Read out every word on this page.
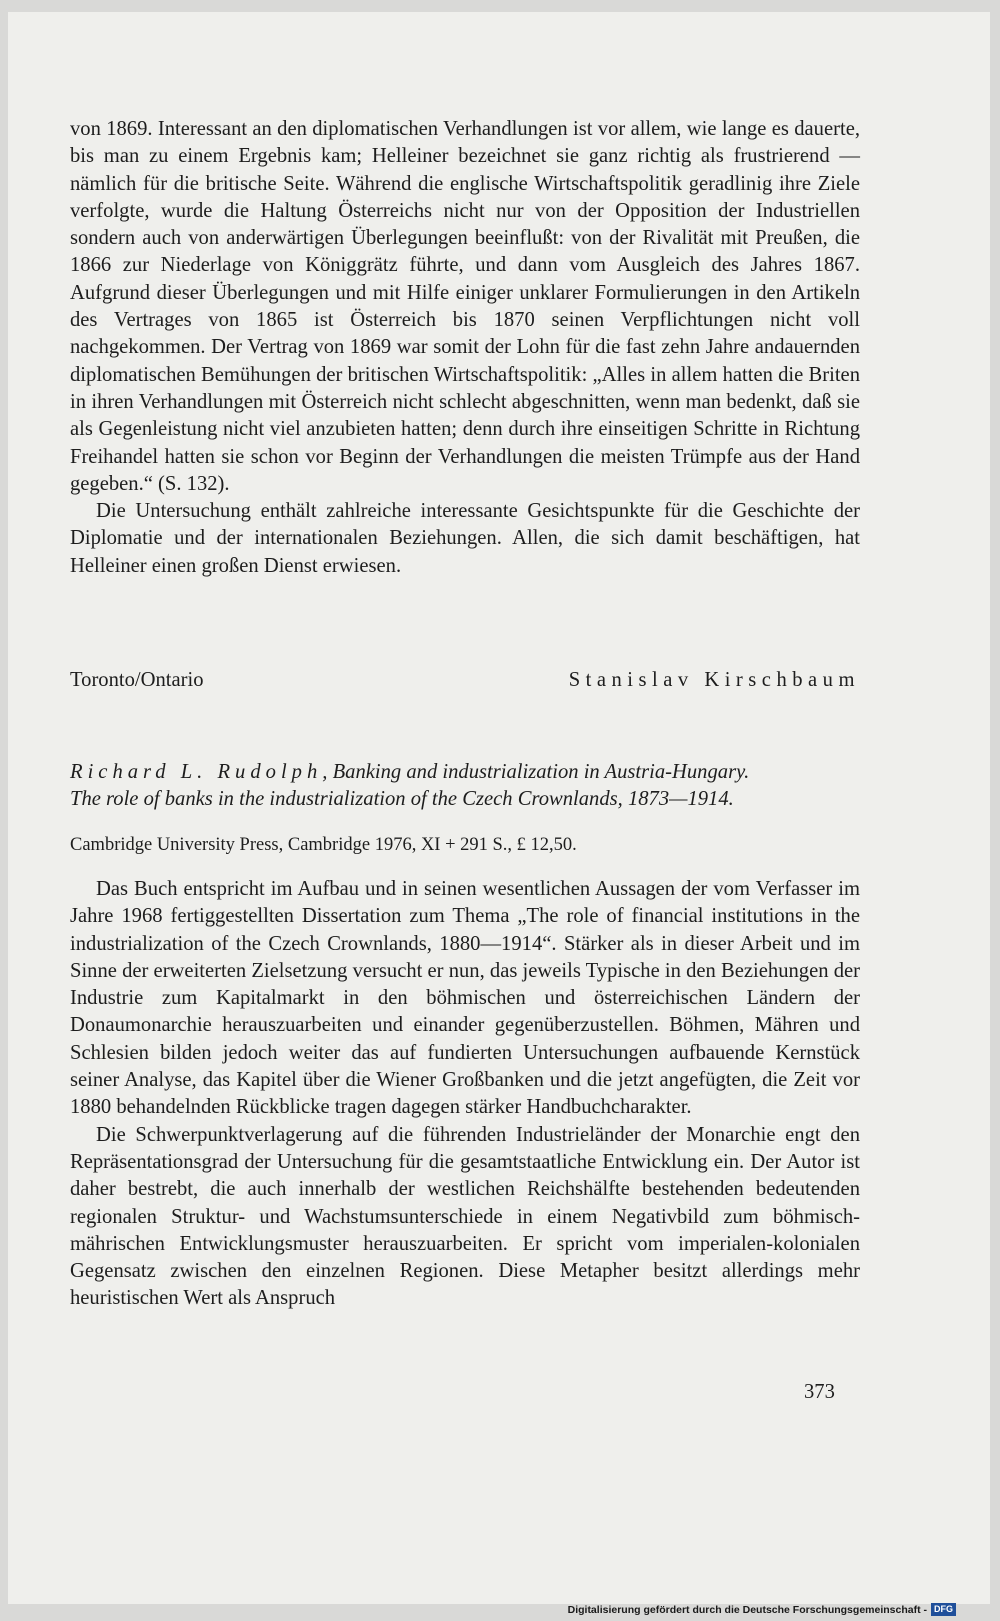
von 1869. Interessant an den diplomatischen Verhandlungen ist vor allem, wie lange es dauerte, bis man zu einem Ergebnis kam; Helleiner bezeichnet sie ganz richtig als frustrierend — nämlich für die britische Seite. Während die englische Wirtschaftspolitik geradlinig ihre Ziele verfolgte, wurde die Haltung Österreichs nicht nur von der Opposition der Industriellen sondern auch von anderwärtigen Überlegungen beeinflußt: von der Rivalität mit Preußen, die 1866 zur Niederlage von Königgrätz führte, und dann vom Ausgleich des Jahres 1867. Aufgrund dieser Überlegungen und mit Hilfe einiger unklarer Formulierungen in den Artikeln des Vertrages von 1865 ist Österreich bis 1870 seinen Verpflichtungen nicht voll nachgekommen. Der Vertrag von 1869 war somit der Lohn für die fast zehn Jahre andauernden diplomatischen Bemühungen der britischen Wirtschaftspolitik: „Alles in allem hatten die Briten in ihren Verhandlungen mit Österreich nicht schlecht abgeschnitten, wenn man bedenkt, daß sie als Gegenleistung nicht viel anzubieten hatten; denn durch ihre einseitigen Schritte in Richtung Freihandel hatten sie schon vor Beginn der Verhandlungen die meisten Trümpfe aus der Hand gegeben.“ (S. 132).

Die Untersuchung enthält zahlreiche interessante Gesichtspunkte für die Geschichte der Diplomatie und der internationalen Beziehungen. Allen, die sich damit beschäftigen, hat Helleiner einen großen Dienst erwiesen.

Toronto/Ontario	Stanislav Kirschbaum
Richard L. Rudolph, Banking and industrialization in Austria-Hungary.
The role of banks in the industrialization of the Czech Crownlands, 1873—1914.
Cambridge University Press, Cambridge 1976, XI + 291 S., £ 12,50.

Das Buch entspricht im Aufbau und in seinen wesentlichen Aussagen der vom Verfasser im Jahre 1968 fertiggestellten Dissertation zum Thema „The role of financial institutions in the industrialization of the Czech Crownlands, 1880—1914“. Stärker als in dieser Arbeit und im Sinne der erweiterten Zielsetzung versucht er nun, das jeweils Typische in den Beziehungen der Industrie zum Kapitalmarkt in den böhmischen und österreichischen Ländern der Donaumonarchie herauszuarbeiten und einander gegenüberzustellen. Böhmen, Mähren und Schlesien bilden jedoch weiter das auf fundierten Untersuchungen aufbauende Kernstück seiner Analyse, das Kapitel über die Wiener Großbanken und die jetzt angefügten, die Zeit vor 1880 behandelnden Rückblicke tragen dagegen stärker Handbuchcharakter.

Die Schwerpunktverlagerung auf die führenden Industrieländer der Monarchie engt den Repräsentationsgrad der Untersuchung für die gesamtstaatliche Entwicklung ein. Der Autor ist daher bestrebt, die auch innerhalb der westlichen Reichshälfte bestehenden bedeutenden regionalen Struktur- und Wachstumsunterschiede in einem Negativbild zum böhmisch-mährischen Entwicklungsmuster herauszuarbeiten. Er spricht vom imperialen-kolonialen Gegensatz zwischen den einzelnen Regionen. Diese Metapher besitzt allerdings mehr heuristischen Wert als Anspruch

373
Digitalisierung gefördert durch die Deutsche Forschungsgemeinschaft - DFG
